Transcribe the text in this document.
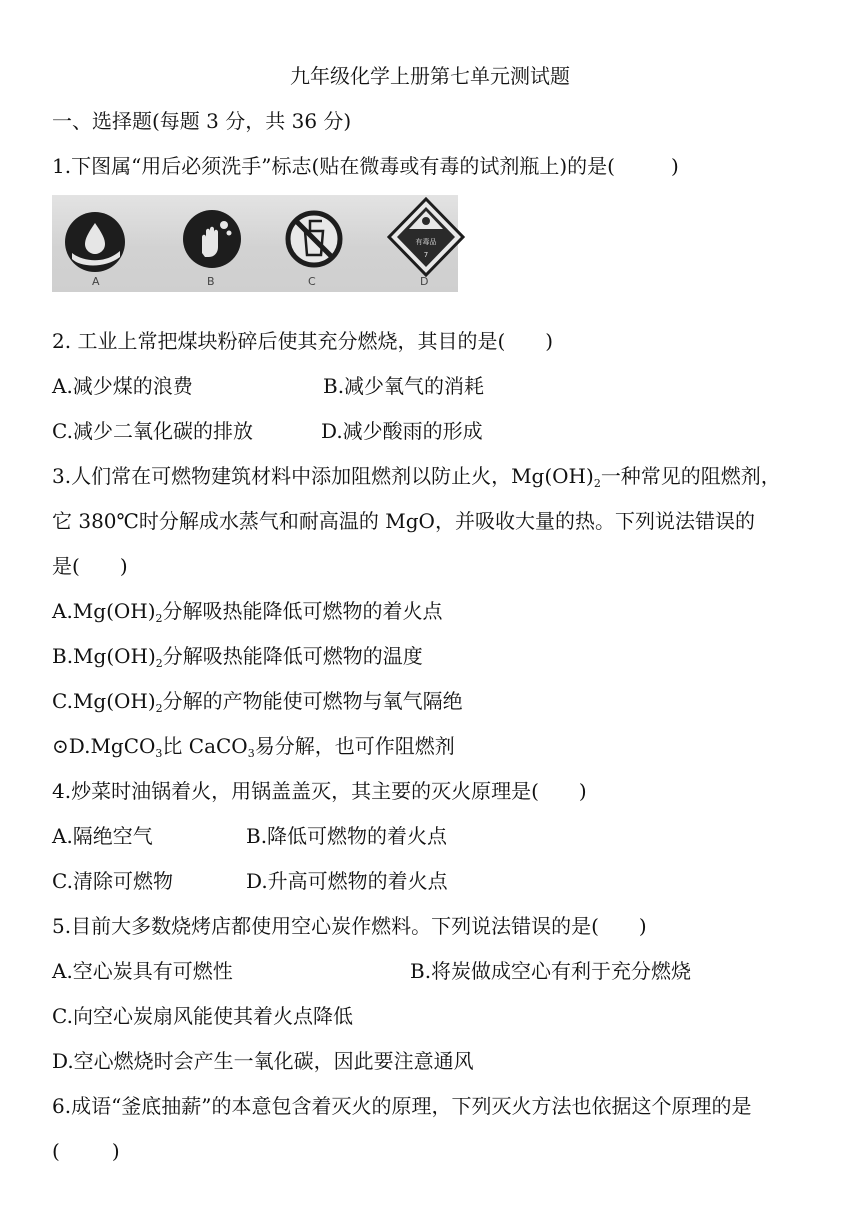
九年级化学上册第七单元测试题
一、选择题(每题 3 分，共 36 分)
1.下图属“用后必须洗手”标志(贴在微毒或有毒的试剂瓶上)的是(	)
有毒品
7
A	B	C	D
2. 工业上常把煤块粉碎后使其充分燃烧，其目的是( )
A.减少煤的浪费	B.减少氧气的消耗
C.减少二氧化碳的排放	D.减少酸雨的形成
3.人们常在可燃物建筑材料中添加阻燃剂以防止火，$Mg(OH)_2$一种常见的阻燃剂，
它 380℃时分解成水蒸气和耐高温的 MgO，并吸收大量的热。下列说法错误的
是( )
$A.Mg(OH)_2$分解吸热能降低可燃物的着火点
$B.Mg(OH)_2$分解吸热能降低可燃物的温度
$C.Mg(OH)_2$分解的产物能使可燃物与氧气隔绝
⊙D.MgCO$_3$比 CaCO$_3$易分解，也可作阻燃剂
4.炒菜时油锅着火，用锅盖盖灭，其主要的灭火原理是( )
A.隔绝空气	B.降低可燃物的着火点
C.清除可燃物	D.升高可燃物的着火点
5.目前大多数烧烤店都使用空心炭作燃料。下列说法错误的是( )
A.空心炭具有可燃性	B.将炭做成空心有利于充分燃烧
C.向空心炭扇风能使其着火点降低
D.空心燃烧时会产生一氧化碳，因此要注意通风
6.成语“釜底抽薪”的本意包含着灭火的原理，下列灭火方法也依据这个原理的是
(	)
